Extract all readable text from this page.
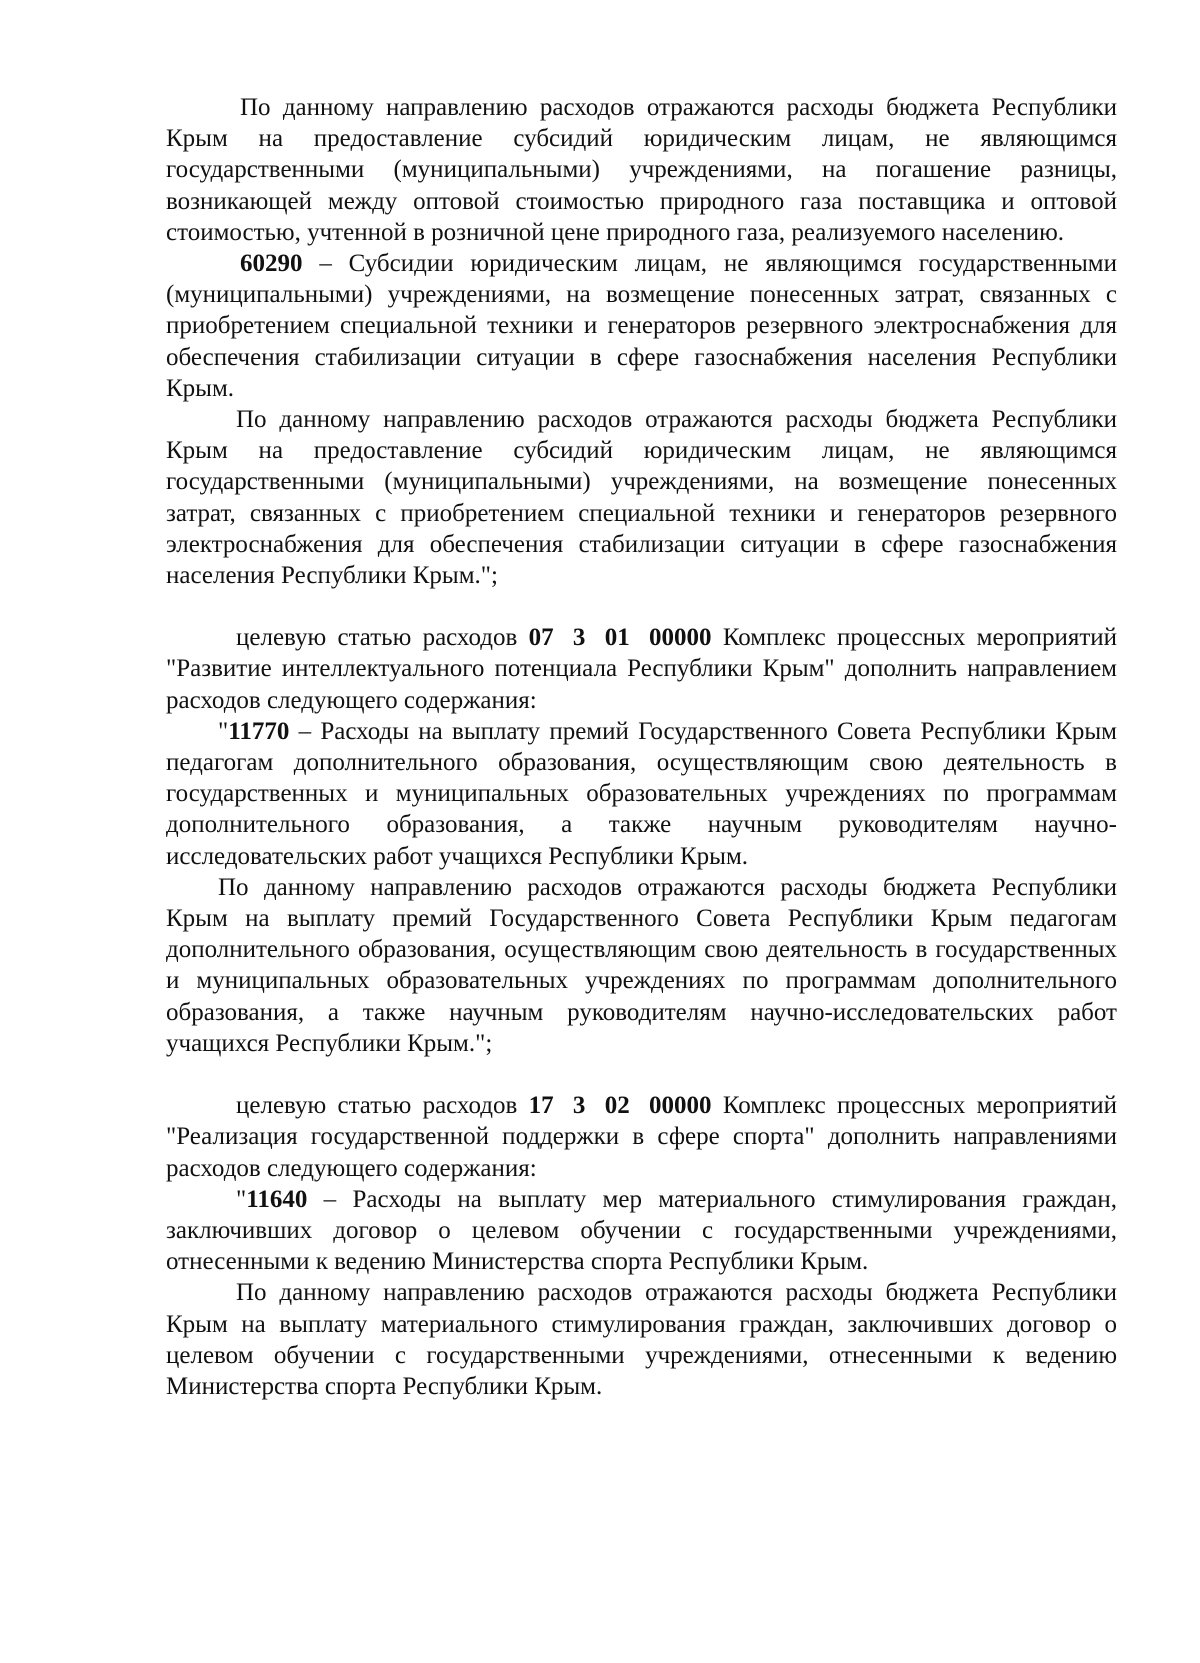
По данному направлению расходов отражаются расходы бюджета Республики Крым на предоставление субсидий юридическим лицам, не являющимся государственными (муниципальными) учреждениями, на погашение разницы, возникающей между оптовой стоимостью природного газа поставщика и оптовой стоимостью, учтенной в розничной цене природного газа, реализуемого населению.

60290 – Субсидии юридическим лицам, не являющимся государственными (муниципальными) учреждениями, на возмещение понесенных затрат, связанных с приобретением специальной техники и генераторов резервного электроснабжения для обеспечения стабилизации ситуации в сфере газоснабжения населения Республики Крым.

По данному направлению расходов отражаются расходы бюджета Республики Крым на предоставление субсидий юридическим лицам, не являющимся государственными (муниципальными) учреждениями, на возмещение понесенных затрат, связанных с приобретением специальной техники и генераторов резервного электроснабжения для обеспечения стабилизации ситуации в сфере газоснабжения населения Республики Крым.";

целевую статью расходов 07 3 01 00000 Комплекс процессных мероприятий "Развитие интеллектуального потенциала Республики Крым" дополнить направлением расходов следующего содержания:

"11770 – Расходы на выплату премий Государственного Совета Республики Крым педагогам дополнительного образования, осуществляющим свою деятельность в государственных и муниципальных образовательных учреждениях по программам дополнительного образования, а также научным руководителям научно-исследовательских работ учащихся Республики Крым.

По данному направлению расходов отражаются расходы бюджета Республики Крым на выплату премий Государственного Совета Республики Крым педагогам дополнительного образования, осуществляющим свою деятельность в государственных и муниципальных образовательных учреждениях по программам дополнительного образования, а также научным руководителям научно-исследовательских работ учащихся Республики Крым.";

целевую статью расходов 17 3 02 00000 Комплекс процессных мероприятий "Реализация государственной поддержки в сфере спорта" дополнить направлениями расходов следующего содержания:

"11640 – Расходы на выплату мер материального стимулирования граждан, заключивших договор о целевом обучении с государственными учреждениями, отнесенными к ведению Министерства спорта Республики Крым.

По данному направлению расходов отражаются расходы бюджета Республики Крым на выплату материального стимулирования граждан, заключивших договор о целевом обучении с государственными учреждениями, отнесенными к ведению Министерства спорта Республики Крым.
